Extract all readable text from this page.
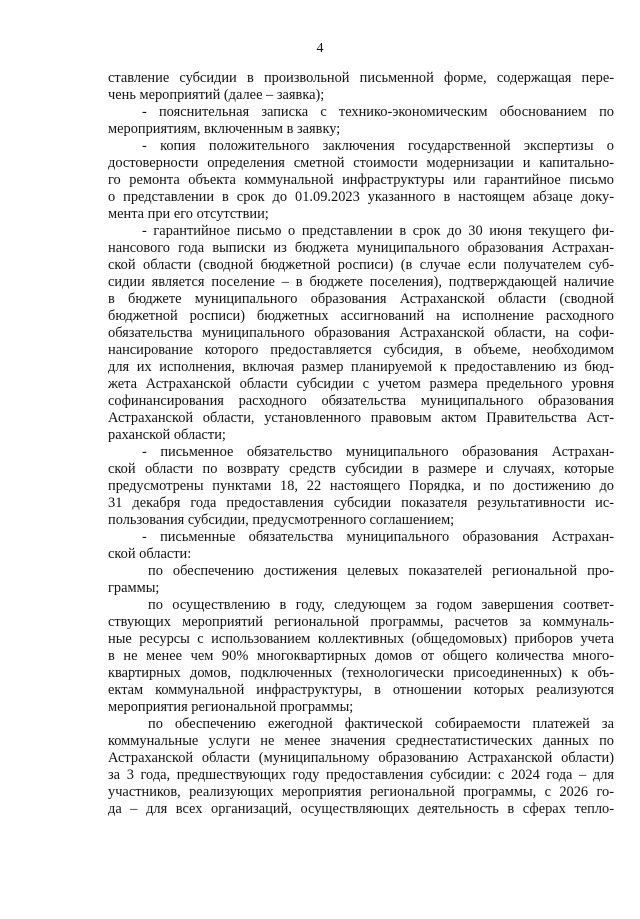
4
ставление субсидии в произвольной письменной форме, содержащая пере-
чень мероприятий (далее – заявка);
- пояснительная записка с технико-экономическим обоснованием по
мероприятиям, включенным в заявку;
- копия положительного заключения государственной экспертизы о
достоверности определения сметной стоимости модернизации и капитально-
го ремонта объекта коммунальной инфраструктуры или гарантийное письмо
о представлении в срок до 01.09.2023 указанного в настоящем абзаце доку-
мента при его отсутствии;
- гарантийное письмо о представлении в срок до 30 июня текущего фи-
нансового года выписки из бюджета муниципального образования Астрахан-
ской области (сводной бюджетной росписи) (в случае если получателем суб-
сидии является поселение – в бюджете поселения), подтверждающей наличие
в бюджете муниципального образования Астраханской области (сводной
бюджетной росписи) бюджетных ассигнований на исполнение расходного
обязательства муниципального образования Астраханской области, на софи-
нансирование которого предоставляется субсидия, в объеме, необходимом
для их исполнения, включая размер планируемой к предоставлению из бюд-
жета Астраханской области субсидии с учетом размера предельного уровня
софинансирования расходного обязательства муниципального образования
Астраханской области, установленного правовым актом Правительства Аст-
раханской области;
- письменное обязательство муниципального образования Астрахан-
ской области по возврату средств субсидии в размере и случаях, которые
предусмотрены пунктами 18, 22 настоящего Порядка, и по достижению до
31 декабря года предоставления субсидии показателя результативности ис-
пользования субсидии, предусмотренного соглашением;
- письменные обязательства муниципального образования Астрахан-
ской области:
по обеспечению достижения целевых показателей региональной про-
граммы;
по осуществлению в году, следующем за годом завершения соответ-
ствующих мероприятий региональной программы, расчетов за коммуналь-
ные ресурсы с использованием коллективных (общедомовых) приборов учета
в не менее чем 90% многоквартирных домов от общего количества много-
квартирных домов, подключенных (технологически присоединенных) к объ-
ектам коммунальной инфраструктуры, в отношении которых реализуются
мероприятия региональной программы;
по обеспечению ежегодной фактической собираемости платежей за
коммунальные услуги не менее значения среднестатистических данных по
Астраханской области (муниципальному образованию Астраханской области)
за 3 года, предшествующих году предоставления субсидии: с 2024 года – для
участников, реализующих мероприятия региональной программы, с 2026 го-
да – для всех организаций, осуществляющих деятельность в сферах тепло-
